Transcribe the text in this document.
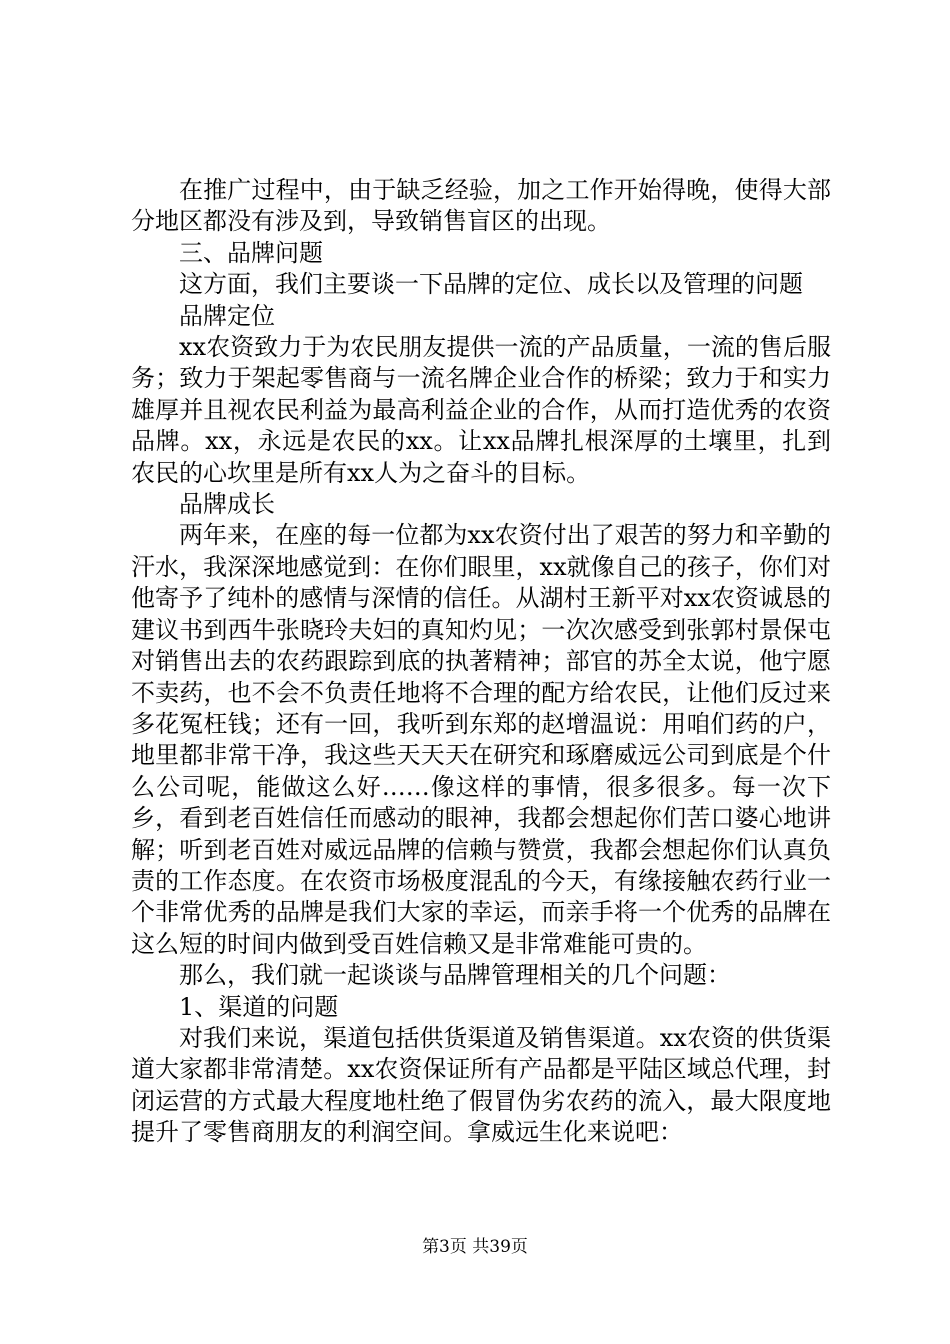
在推广过程中，由于缺乏经验，加之工作开始得晚，使得大部分地区都没有涉及到，导致销售盲区的出现。

三、品牌问题

这方面，我们主要谈一下品牌的定位、成长以及管理的问题

品牌定位

xx农资致力于为农民朋友提供一流的产品质量，一流的售后服务；致力于架起零售商与一流名牌企业合作的桥梁；致力于和实力雄厚并且视农民利益为最高利益企业的合作，从而打造优秀的农资品牌。xx，永远是农民的xx。让xx品牌扎根深厚的土壤里，扎到农民的心坎里是所有xx人为之奋斗的目标。

品牌成长

两年来，在座的每一位都为xx农资付出了艰苦的努力和辛勤的汗水，我深深地感觉到：在你们眼里，xx就像自己的孩子，你们对他寄予了纯朴的感情与深情的信任。从湖村王新平对xx农资诚恳的建议书到西牛张晓玲夫妇的真知灼见；一次次感受到张郭村景保屯对销售出去的农药跟踪到底的执著精神；部官的苏全太说，他宁愿不卖药，也不会不负责任地将不合理的配方给农民，让他们反过来多花冤枉钱；还有一回，我听到东郑的赵增温说：用咱们药的户，地里都非常干净，我这些天天天在研究和琢磨威远公司到底是个什么公司呢，能做这么好……像这样的事情，很多很多。每一次下乡，看到老百姓信任而感动的眼神，我都会想起你们苦口婆心地讲解；听到老百姓对威远品牌的信赖与赞赏，我都会想起你们认真负责的工作态度。在农资市场极度混乱的今天，有缘接触农药行业一个非常优秀的品牌是我们大家的幸运，而亲手将一个优秀的品牌在这么短的时间内做到受百姓信赖又是非常难能可贵的。

那么，我们就一起谈谈与品牌管理相关的几个问题：

1、渠道的问题

对我们来说，渠道包括供货渠道及销售渠道。xx农资的供货渠道大家都非常清楚。xx农资保证所有产品都是平陆区域总代理，封闭运营的方式最大程度地杜绝了假冒伪劣农药的流入，最大限度地提升了零售商朋友的利润空间。拿威远生化来说吧：

第3页 共39页
